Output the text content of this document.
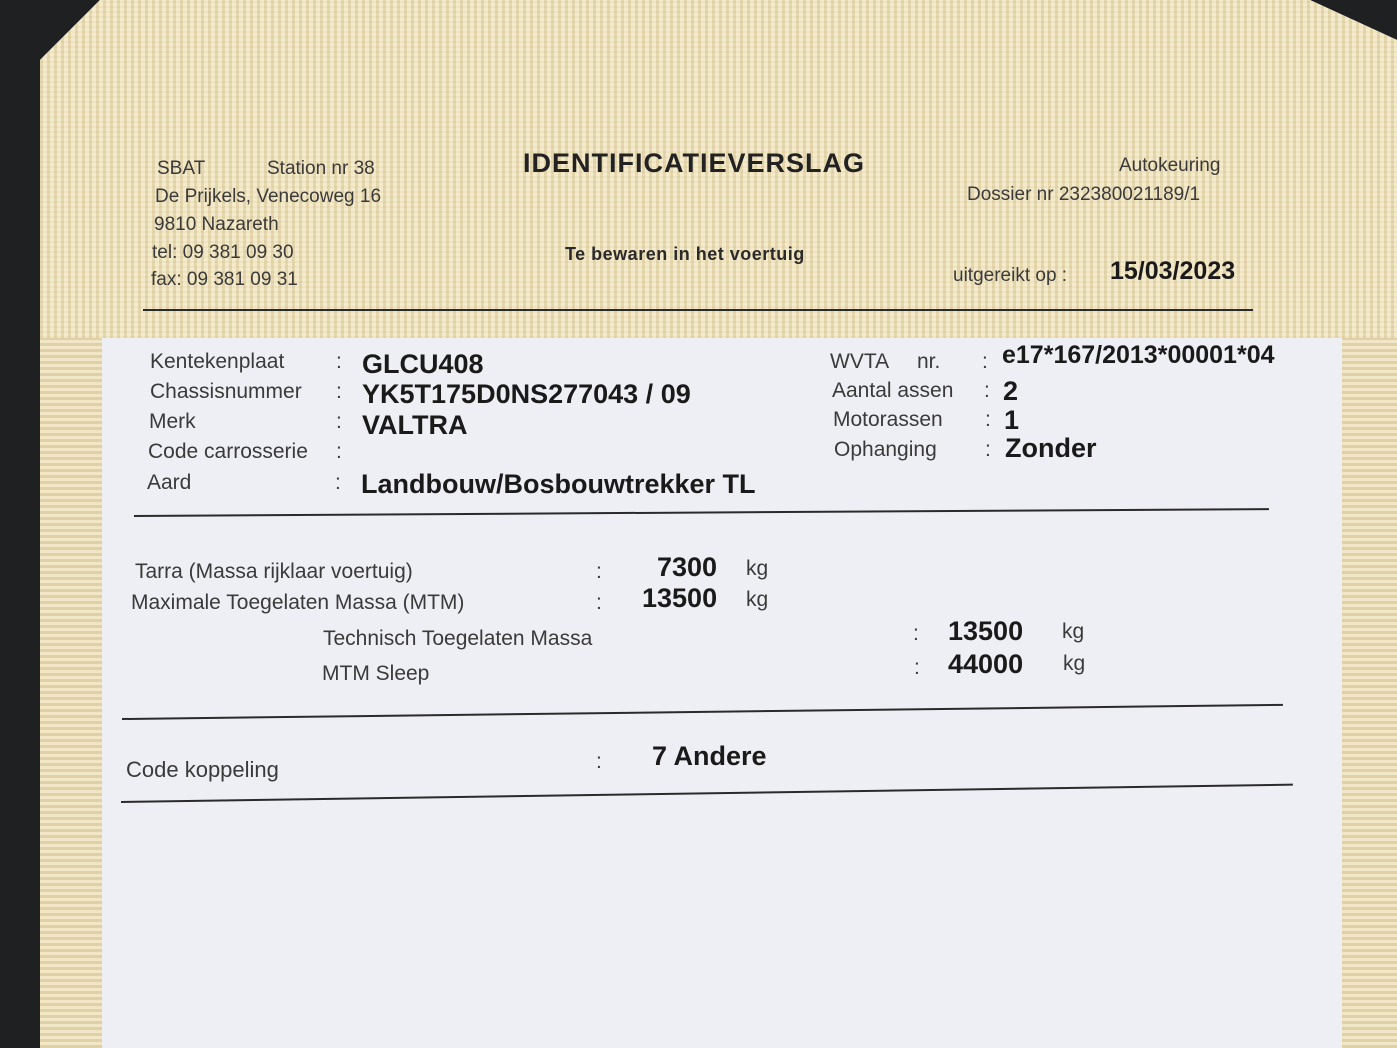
SBAT	Station nr 38
De Prijkels, Venecoweg 16
9810 Nazareth
tel: 09 381 09 30
fax: 09 381 09 31
IDENTIFICATIEVERSLAG
Te bewaren in het voertuig
Autokeuring
Dossier nr 232380021189/1
uitgereikt op : 15/03/2023
Kentekenplaat : GLCU408
Chassisnummer : YK5T175D0NS277043 / 09
Merk	: VALTRA
Code carrosserie :
Aard	: Landbouw/Bosbouwtrekker TL
WVTA nr. : e17*167/2013*00001*04
Aantal assen : 2
Motorassen : 1
Ophanging : Zonder
Tarra (Massa rijklaar voertuig)	: 7300 kg
Maximale Toegelaten Massa (MTM)	: 13500 kg
Technisch Toegelaten Massa	: 13500 kg
MTM Sleep	: 44000 kg
Code koppeling	: 7 Andere
